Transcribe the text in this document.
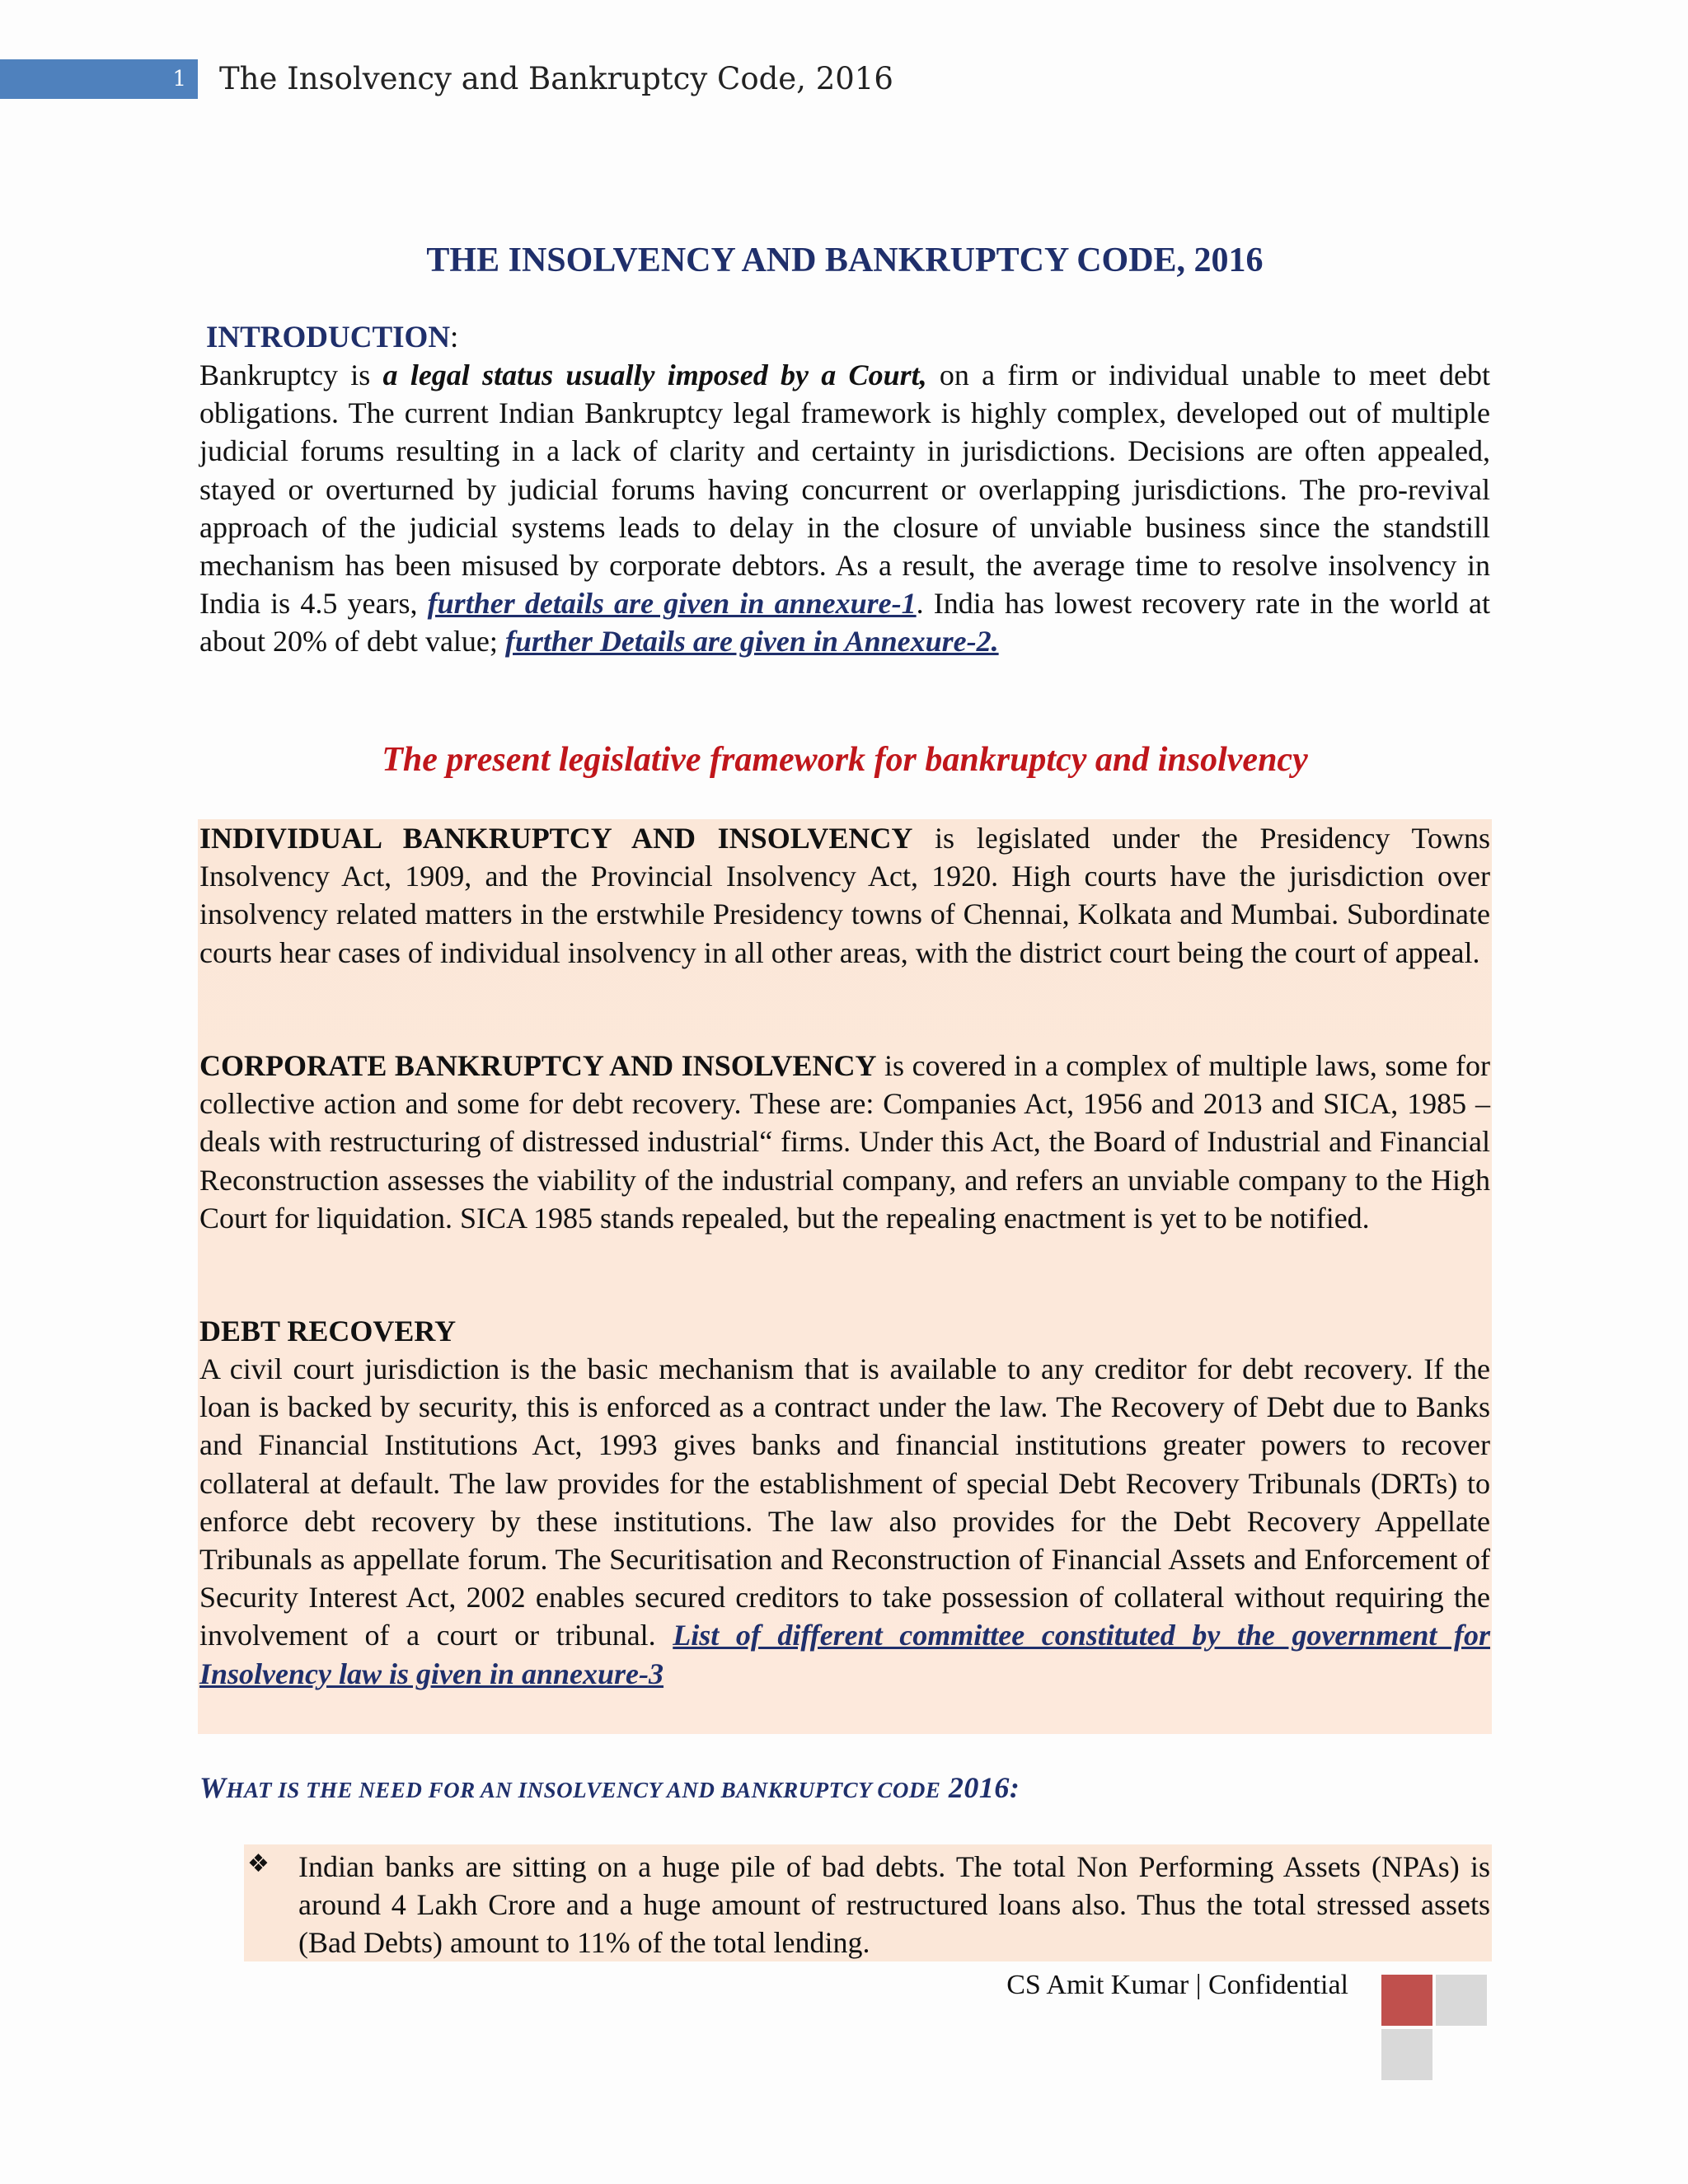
1	The Insolvency and Bankruptcy Code, 2016
THE INSOLVENCY AND BANKRUPTCY CODE, 2016
INTRODUCTION:

Bankruptcy is a legal status usually imposed by a Court, on a firm or individual unable to meet debt obligations. The current Indian Bankruptcy legal framework is highly complex, developed out of multiple judicial forums resulting in a lack of clarity and certainty in jurisdictions. Decisions are often appealed, stayed or overturned by judicial forums having concurrent or overlapping jurisdictions. The pro-revival approach of the judicial systems leads to delay in the closure of unviable business since the standstill mechanism has been misused by corporate debtors. As a result, the average time to resolve insolvency in India is 4.5 years, further details are given in annexure-1. India has lowest recovery rate in the world at about 20% of debt value; further Details are given in Annexure-2.

The present legislative framework for bankruptcy and insolvency

INDIVIDUAL BANKRUPTCY AND INSOLVENCY is legislated under the Presidency Towns Insolvency Act, 1909, and the Provincial Insolvency Act, 1920. High courts have the jurisdiction over insolvency related matters in the erstwhile Presidency towns of Chennai, Kolkata and Mumbai. Subordinate courts hear cases of individual insolvency in all other areas, with the district court being the court of appeal.

CORPORATE BANKRUPTCY AND INSOLVENCY is covered in a complex of multiple laws, some for collective action and some for debt recovery. These are: Companies Act, 1956 and 2013 and SICA, 1985 – deals with restructuring of distressed industrial“ firms. Under this Act, the Board of Industrial and Financial Reconstruction assesses the viability of the industrial company, and refers an unviable company to the High Court for liquidation. SICA 1985 stands repealed, but the repealing enactment is yet to be notified.

DEBT RECOVERY

A civil court jurisdiction is the basic mechanism that is available to any creditor for debt recovery. If the loan is backed by security, this is enforced as a contract under the law. The Recovery of Debt due to Banks and Financial Institutions Act, 1993 gives banks and financial institutions greater powers to recover collateral at default. The law provides for the establishment of special Debt Recovery Tribunals (DRTs) to enforce debt recovery by these institutions. The law also provides for the Debt Recovery Appellate Tribunals as appellate forum. The Securitisation and Reconstruction of Financial Assets and Enforcement of Security Interest Act, 2002 enables secured creditors to take possession of collateral without requiring the involvement of a court or tribunal. List of different committee constituted by the government for Insolvency law is given in annexure-3

WHAT IS THE NEED FOR AN INSOLVENCY AND BANKRUPTCY CODE 2016:
❖ Indian banks are sitting on a huge pile of bad debts. The total Non Performing Assets (NPAs) is around 4 Lakh Crore and a huge amount of restructured loans also. Thus the total stressed assets (Bad Debts) amount to 11% of the total lending.

CS Amit Kumar | Confidential
